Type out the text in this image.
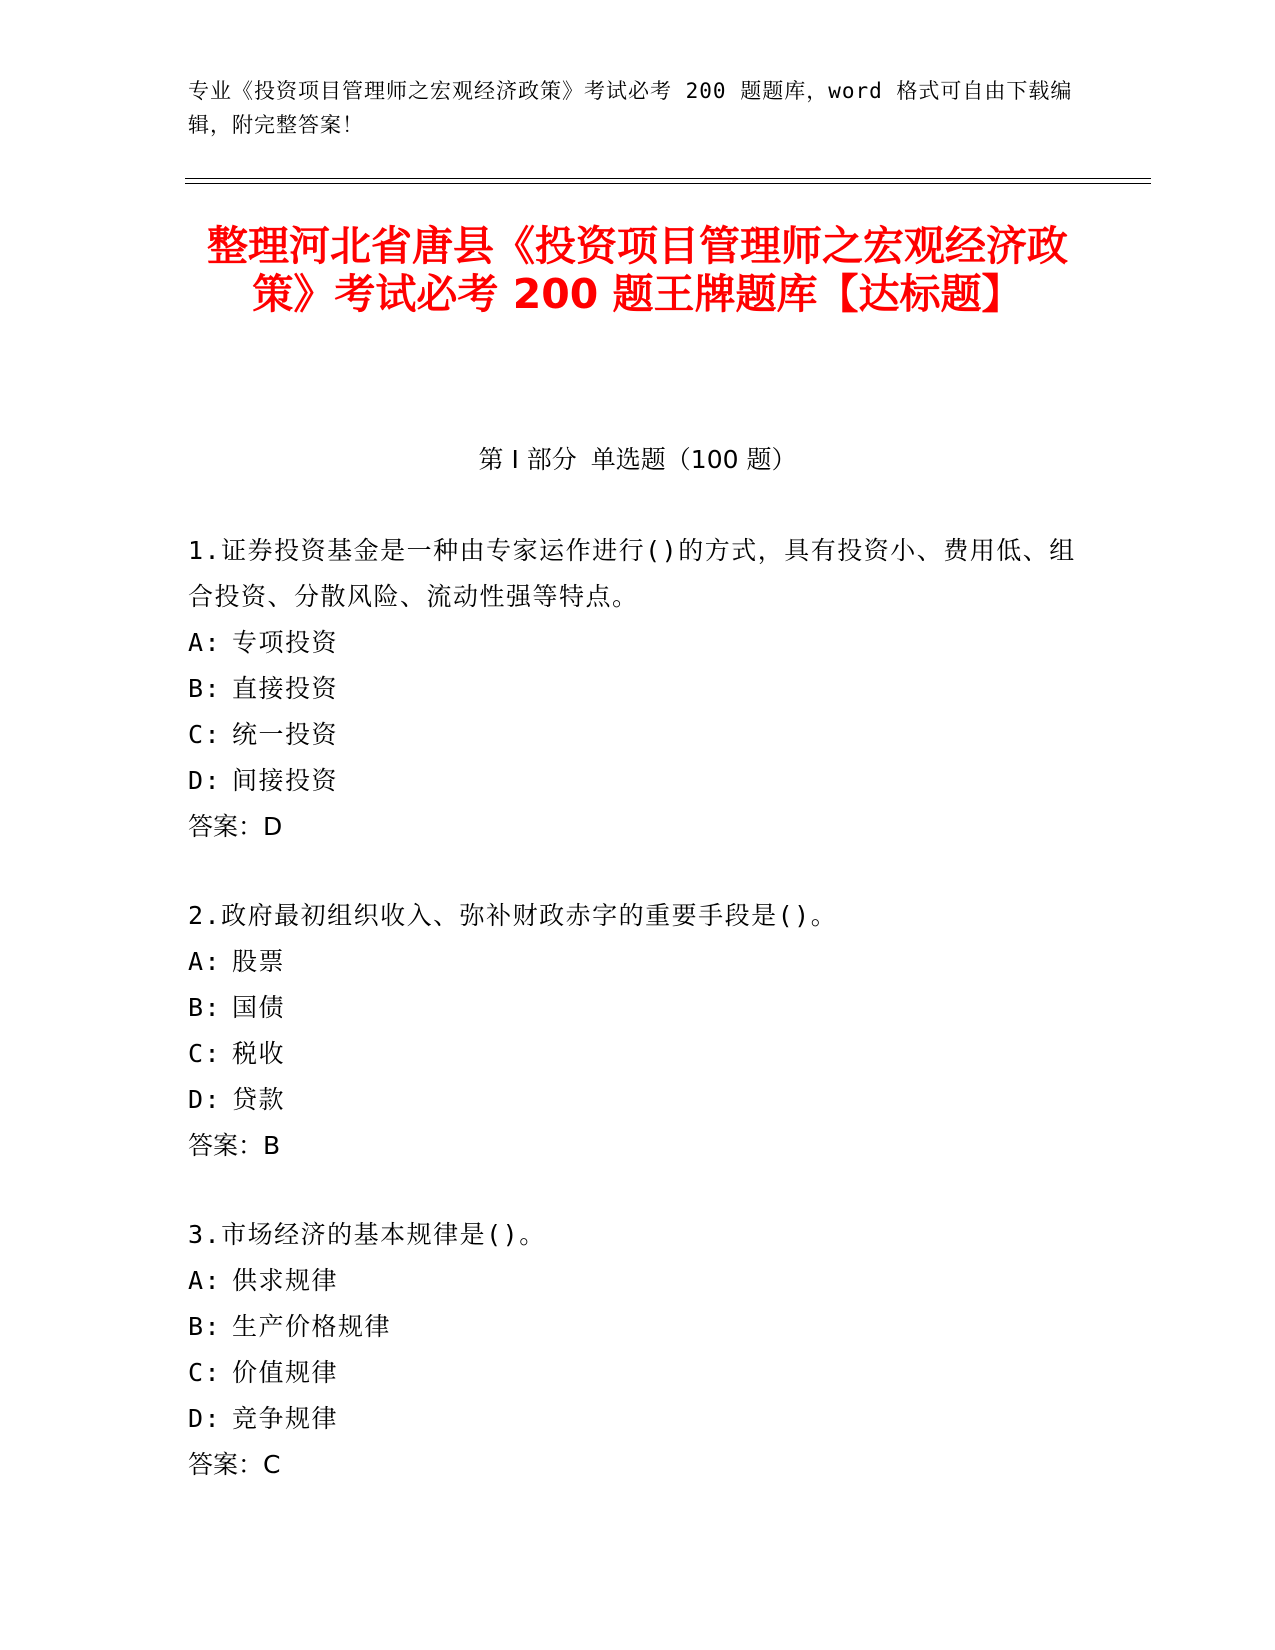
专业《投资项目管理师之宏观经济政策》考试必考 200 题题库，word 格式可自由下载编辑，附完整答案！
整理河北省唐县《投资项目管理师之宏观经济政策》考试必考 200 题王牌题库【达标题】
第 I 部分 单选题（100 题）
1.证券投资基金是一种由专家运作进行()的方式，具有投资小、费用低、组合投资、分散风险、流动性强等特点。
A: 专项投资
B: 直接投资
C: 统一投资
D: 间接投资
答案：D
2.政府最初组织收入、弥补财政赤字的重要手段是()。
A: 股票
B: 国债
C: 税收
D: 贷款
答案：B
3.市场经济的基本规律是()。
A: 供求规律
B: 生产价格规律
C: 价值规律
D: 竞争规律
答案：C
